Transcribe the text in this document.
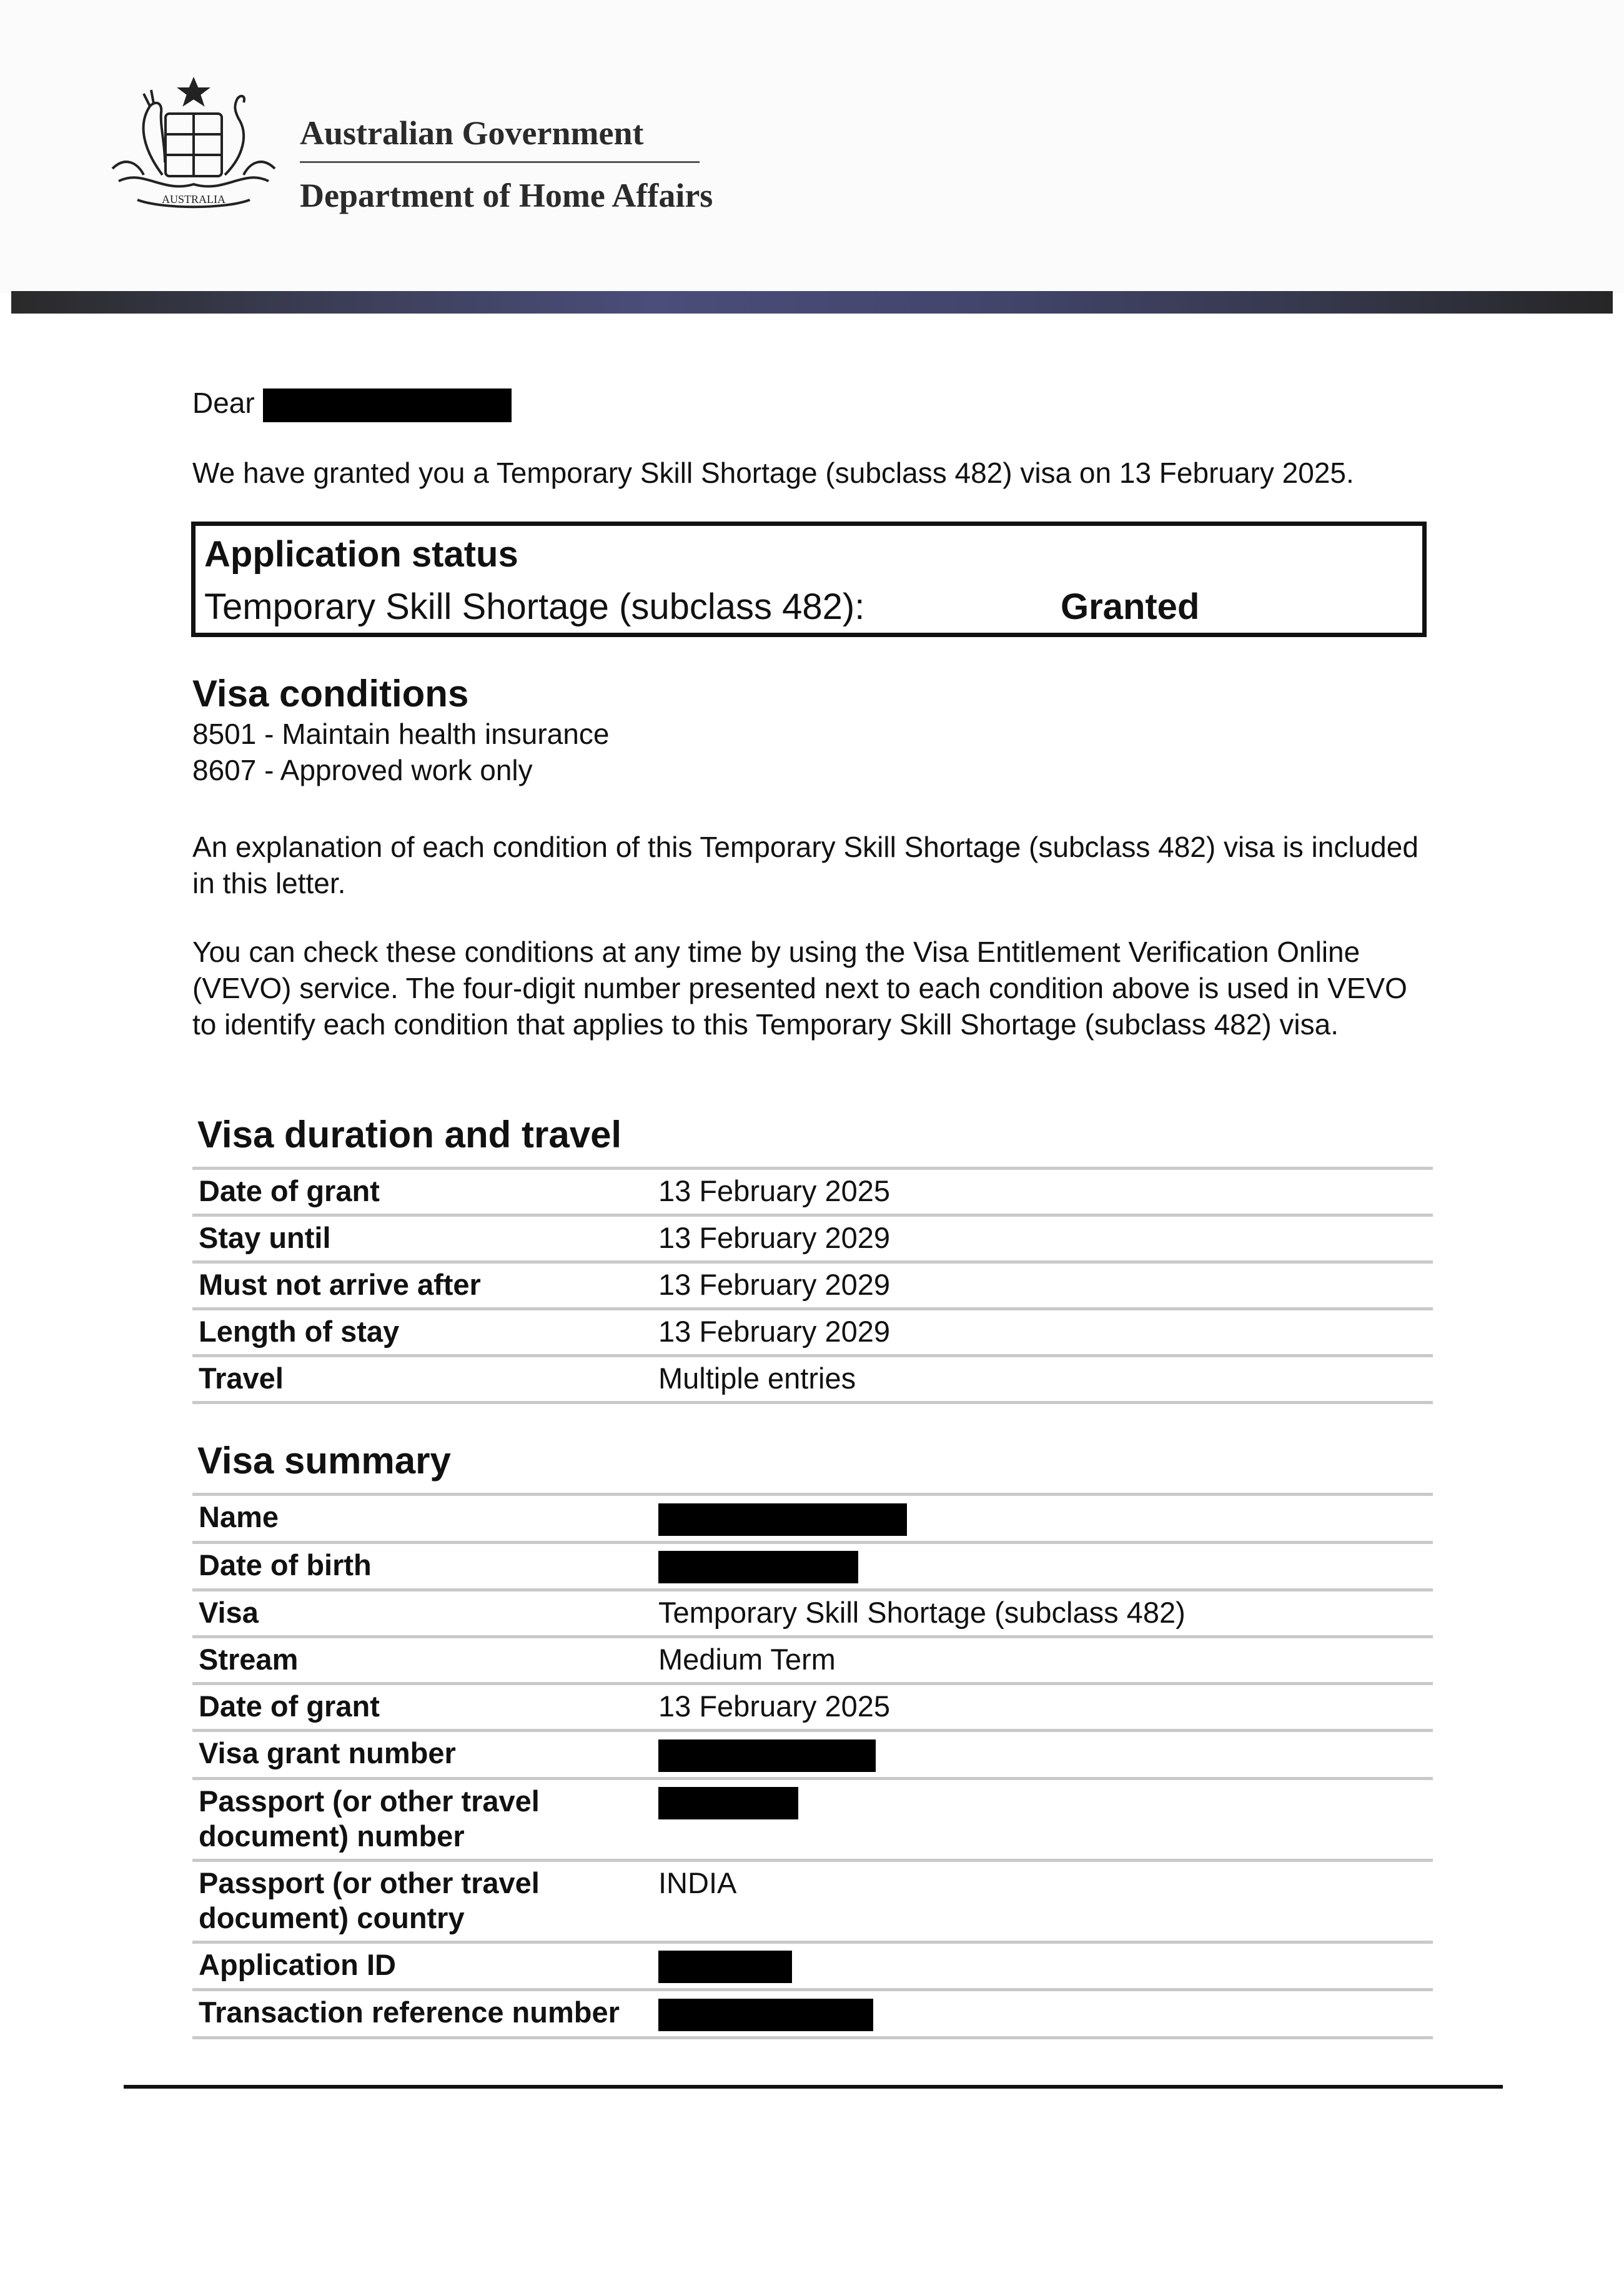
AUSTRALIA
Australian Government
Department of Home Affairs

Dear

We have granted you a Temporary Skill Shortage (subclass 482) visa on 13 February 2025.

Application status
Temporary Skill Shortage (subclass 482):	Granted
Visa conditions
8501 - Maintain health insurance
8607 - Approved work only

An explanation of each condition of this Temporary Skill Shortage (subclass 482) visa is included in this letter.

You can check these conditions at any time by using the Visa Entitlement Verification Online (VEVO) service. The four-digit number presented next to each condition above is used in VEVO to identify each condition that applies to this Temporary Skill Shortage (subclass 482) visa.

Visa duration and travel
Date of grant	13 February 2025
Stay until	13 February 2029
Must not arrive after	13 February 2029
Length of stay	13 February 2029
Travel	Multiple entries
Visa summary
Name	
Date of birth	
Visa	Temporary Skill Shortage (subclass 482)
Stream	Medium Term
Date of grant	13 February 2025
Visa grant number	
Passport (or other travel document) number	
Passport (or other travel document) country	INDIA
Application ID	
Transaction reference number	
